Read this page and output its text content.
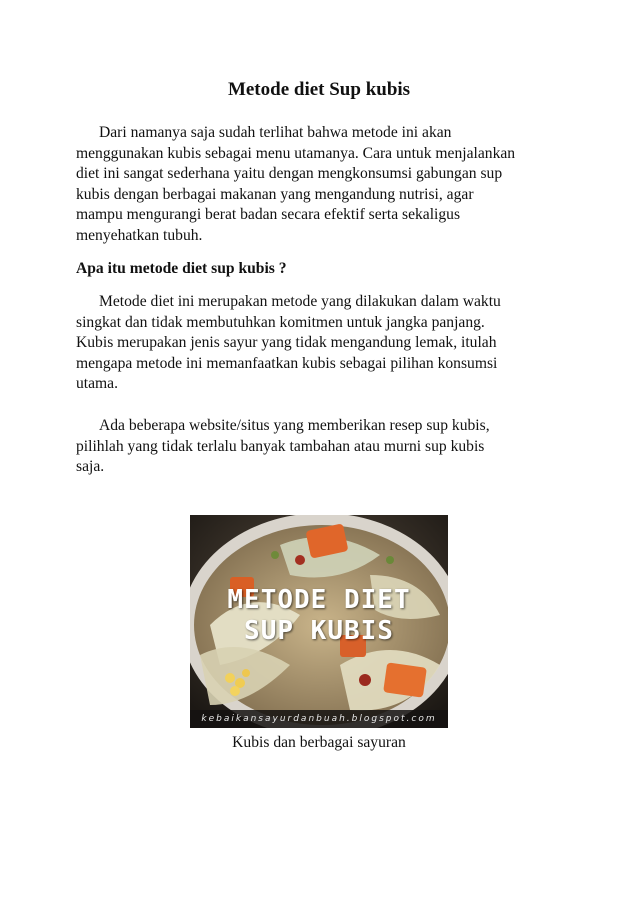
Metode diet Sup kubis

Dari namanya saja sudah terlihat bahwa metode ini akan
menggunakan kubis sebagai menu utamanya. Cara untuk menjalankan
diet ini sangat sederhana yaitu dengan mengkonsumsi gabungan sup
kubis dengan berbagai makanan yang mengandung nutrisi, agar
mampu mengurangi berat badan secara efektif serta sekaligus
menyehatkan tubuh.

Apa itu metode diet sup kubis ?

Metode diet ini merupakan metode yang dilakukan dalam waktu
singkat dan tidak membutuhkan komitmen untuk jangka panjang.
Kubis merupakan jenis sayur yang tidak mengandung lemak, itulah
mengapa metode ini memanfaatkan kubis sebagai pilihan konsumsi
utama.

Ada beberapa website/situs yang memberikan resep sup kubis,
pilihlah yang tidak terlalu banyak tambahan atau murni sup kubis
saja.

METODE DIET
SUP KUBIS
kebaikansayurdanbuah.blogspot.com

Kubis dan berbagai sayuran
